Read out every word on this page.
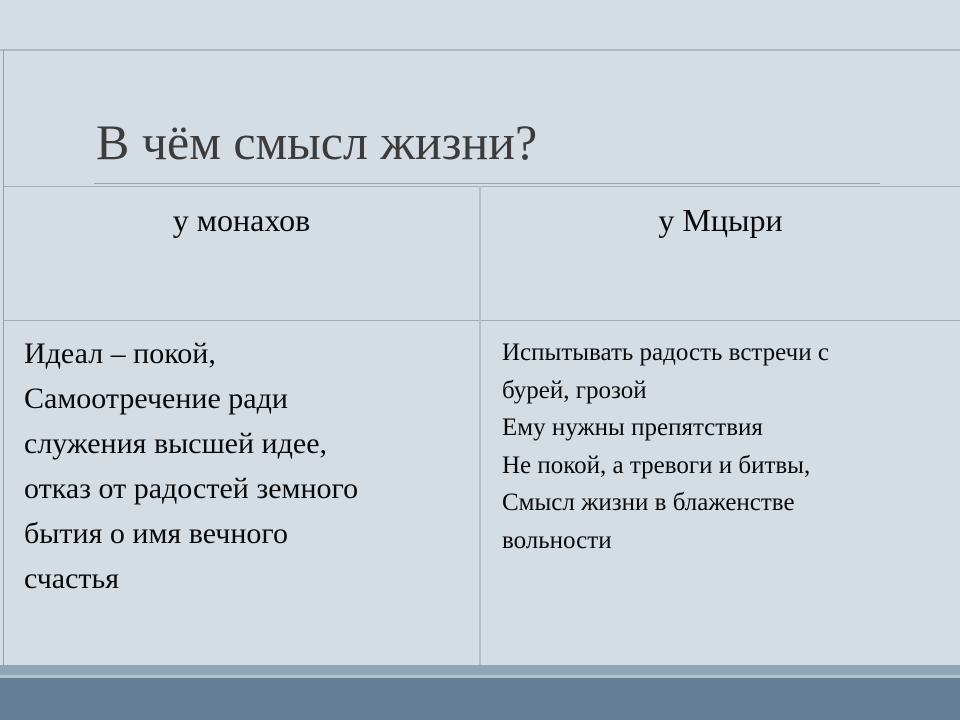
В чём смысл жизни?
у монахов	у Мцыри
Идеал – покой,
Самоотречение ради
служения высшей идее,
отказ от радостей земного
бытия о имя вечного
счастья
Испытывать радость встречи с
бурей, грозой
Ему нужны препятствия
Не покой, а тревоги и битвы,
Смысл жизни в блаженстве
вольности
